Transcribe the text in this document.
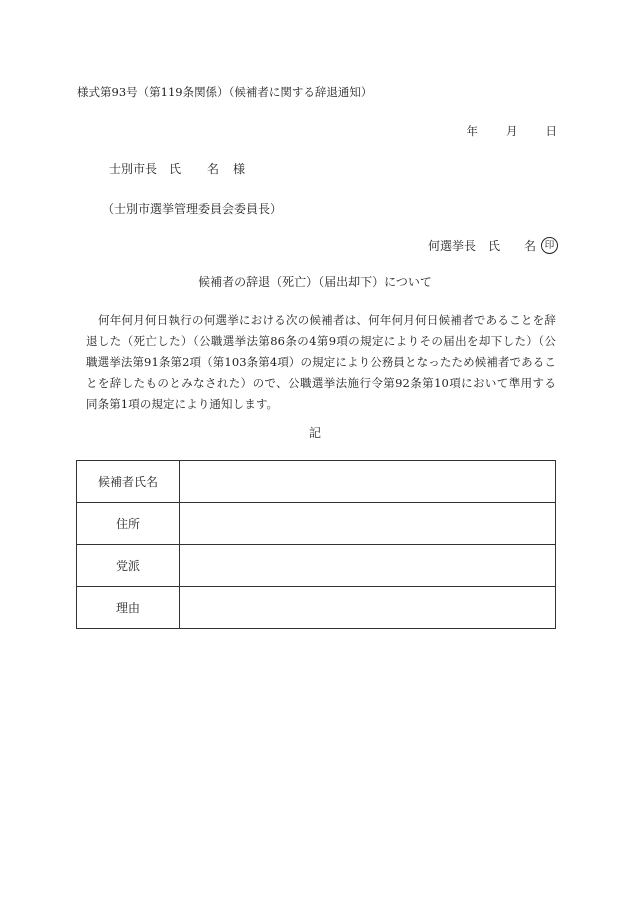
様式第93号（第119条関係）（候補者に関する辞退通知）
年 月 日
士別市長 氏 名 様
（士別市選挙管理委員会委員長）
何選挙長 氏 名 印
候補者の辞退（死亡）（届出却下）について
何年何月何日執行の何選挙における次の候補者は、何年何月何日候補者であることを辞退した（死亡した）（公職選挙法第86条の4第9項の規定によりその届出を却下した）（公職選挙法第91条第2項（第103条第4項）の規定により公務員となったため候補者であることを辞したものとみなされた）ので、公職選挙法施行令第92条第10項において準用する同条第1項の規定により通知します。
記
候補者氏名	
住所	
党派	
理由	
